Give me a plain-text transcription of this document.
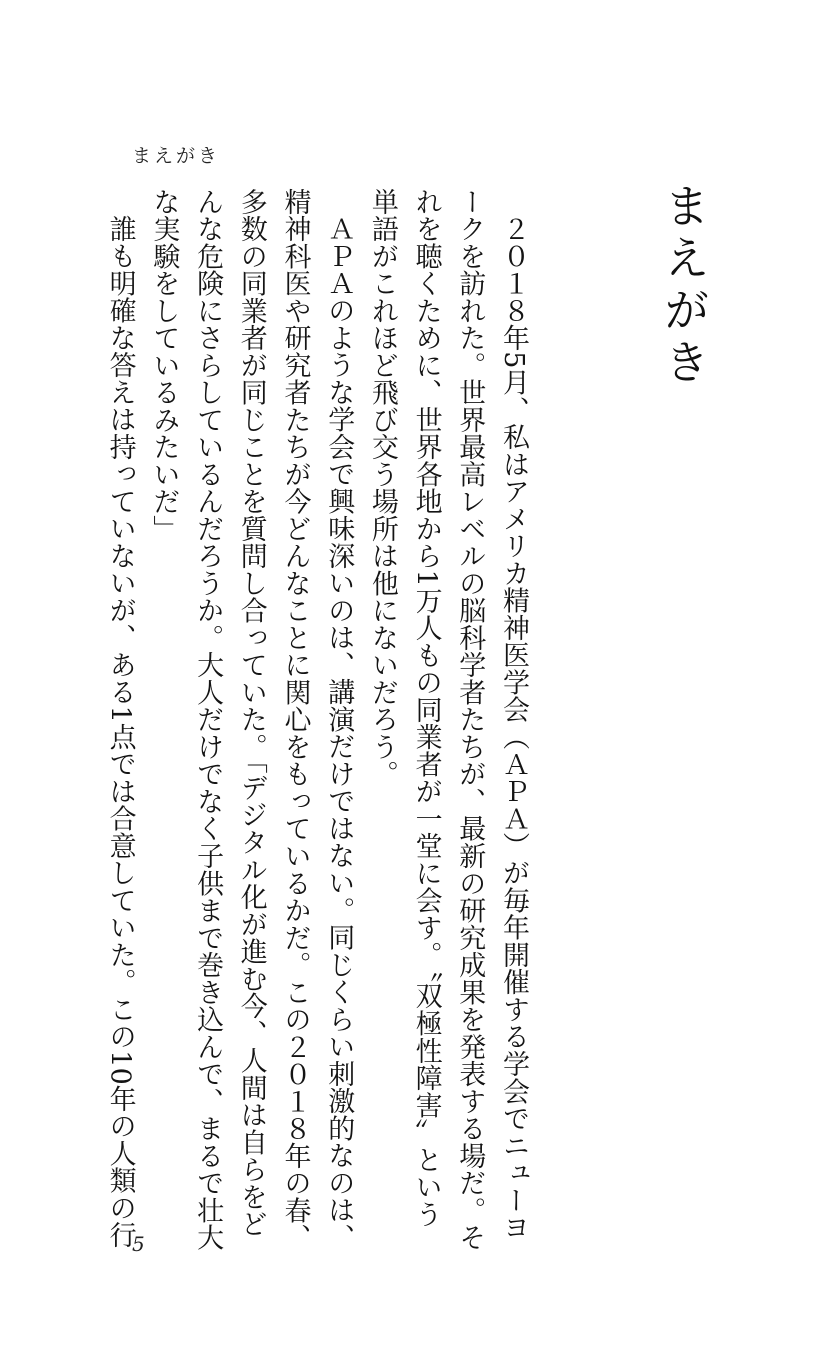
まえがき
まえがき

２０１８年5月、私はアメリカ精神医学会（ＡＰＡ）が毎年開催する学会でニューヨ
ークを訪れた。世界最高レベルの脳科学者たちが、最新の研究成果を発表する場だ。そ
れを聴くために、世界各地から1万人もの同業者が一堂に会す。〝双極性障害〟という
単語がこれほど飛び交う場所は他にないだろう。

ＡＰＡのような学会で興味深いのは、講演だけではない。同じくらい刺激的なのは、
精神科医や研究者たちが今どんなことに関心をもっているかだ。この２０１８年の春、
多数の同業者が同じことを質問し合っていた。「デジタル化が進む今、人間は自らをど
んな危険にさらしているんだろうか。大人だけでなく子供まで巻き込んで、まるで壮大
な実験をしているみたいだ」

誰も明確な答えは持っていないが、ある1点では合意していた。この10年の人類の行

5
